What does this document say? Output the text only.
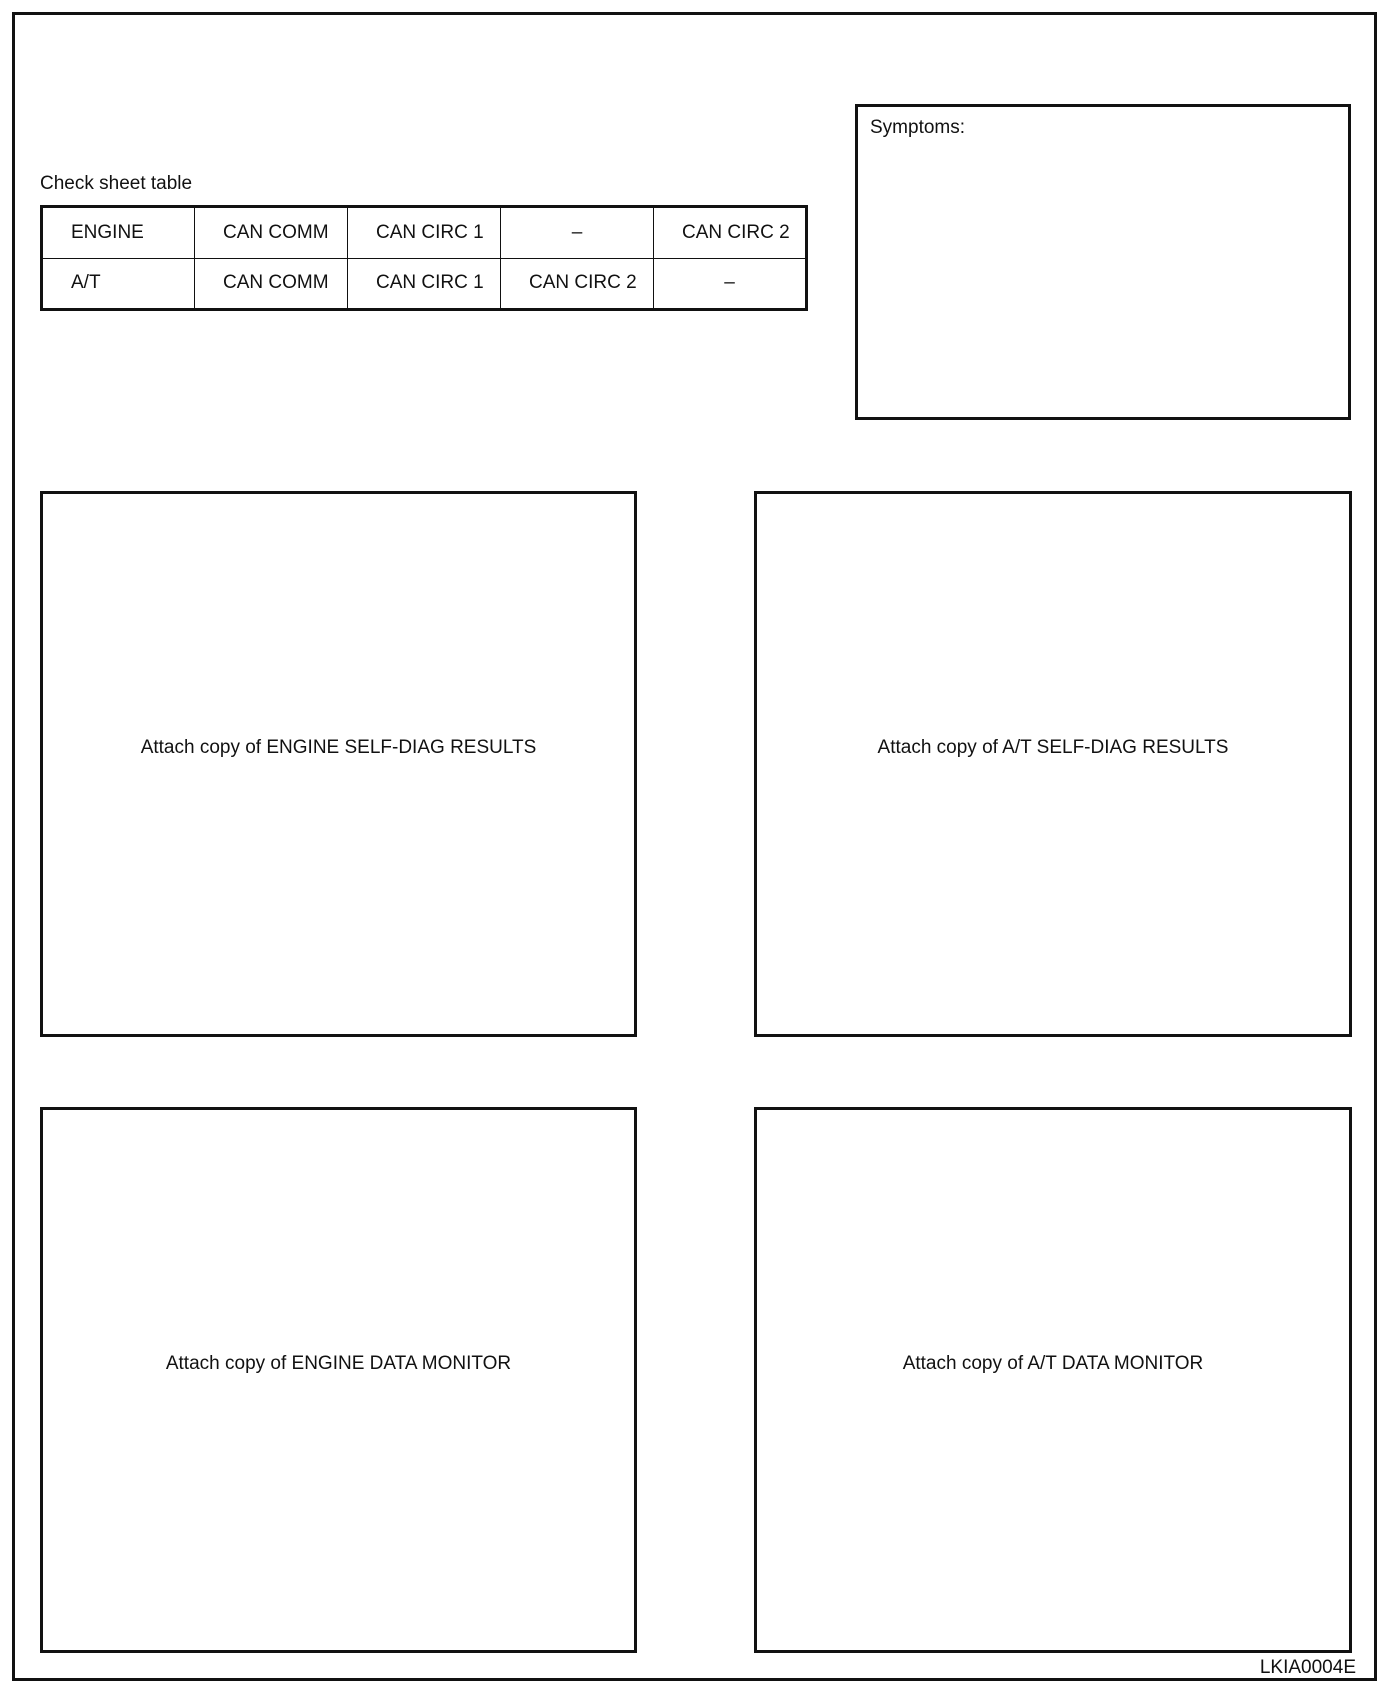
Check sheet table
ENGINE	CAN COMM	CAN CIRC 1	–	CAN CIRC 2
A/T	CAN COMM	CAN CIRC 1	CAN CIRC 2	–
Symptoms:
Attach copy of ENGINE SELF-DIAG RESULTS	Attach copy of A/T SELF-DIAG RESULTS
Attach copy of ENGINE DATA MONITOR	Attach copy of A/T DATA MONITOR
LKIA0004E
